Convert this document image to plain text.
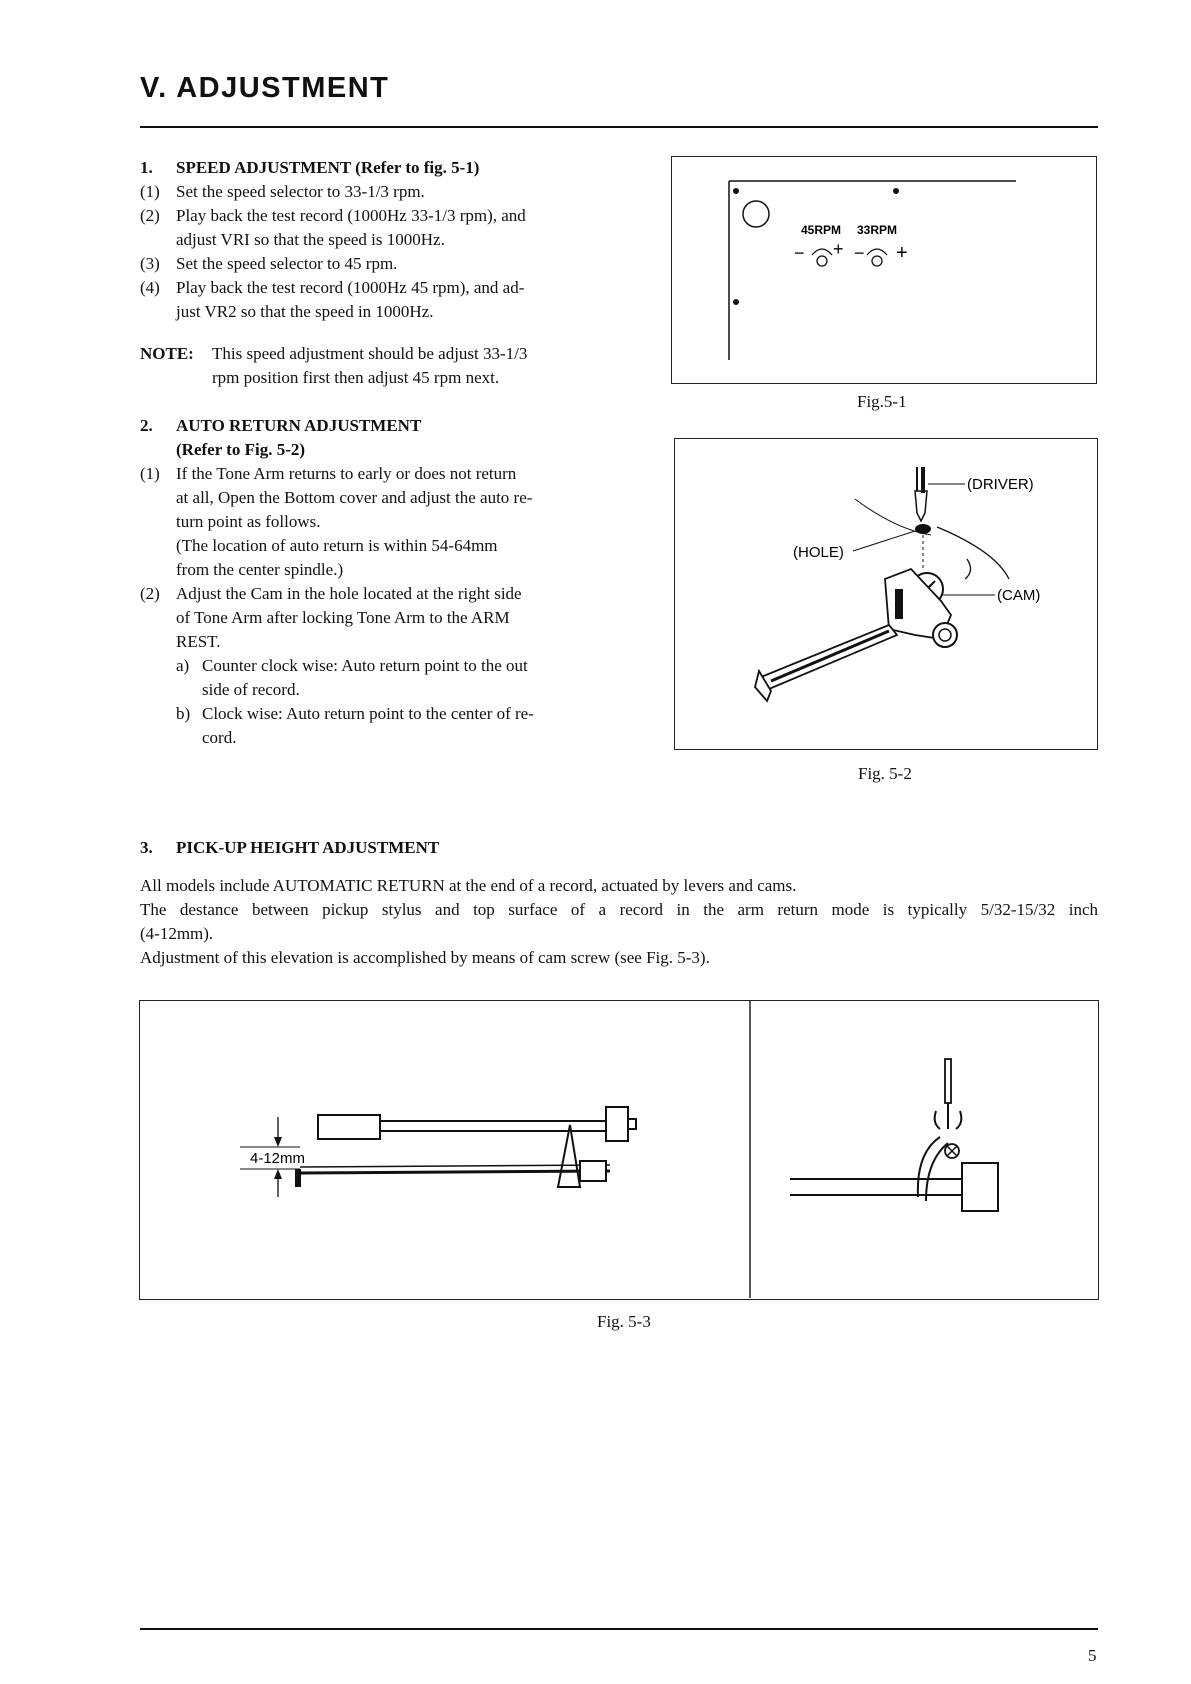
V. ADJUSTMENT
1.	SPEED ADJUSTMENT (Refer to fig. 5-1)
(1) Set the speed selector to 33-1/3 rpm.
(2) Play back the test record (1000Hz 33-1/3 rpm), and
adjust VRI so that the speed is 1000Hz.
(3) Set the speed selector to 45 rpm.
(4) Play back the test record (1000Hz 45 rpm), and ad-
just VR2 so that the speed in 1000Hz.
NOTE:	This speed adjustment should be adjust 33-1/3
rpm position first then adjust 45 rpm next.
2.	AUTO RETURN ADJUSTMENT
(Refer to Fig. 5-2)
(1) If the Tone Arm returns to early or does not return
at all, Open the Bottom cover and adjust the auto re-
turn point as follows.
(The location of auto return is within 54-64mm
from the center spindle.)
(2) Adjust the Cam in the hole located at the right side
of Tone Arm after locking Tone Arm to the ARM
REST.
a) Counter clock wise: Auto return point to the out
side of record.
b) Clock wise: Auto return point to the center of re-
cord.
45RPM 33RPM
− + − +
Fig.5-1
(DRIVER)
(HOLE)
(CAM)
Fig. 5-2
3.	PICK-UP HEIGHT ADJUSTMENT
All models include AUTOMATIC RETURN at the end of a record, actuated by levers and cams.
The destance between pickup stylus and top surface of a record in the arm return mode is typically 5/32-15/32 inch
(4-12mm).
Adjustment of this elevation is accomplished by means of cam screw (see Fig. 5-3).
4-12mm
Fig. 5-3
5
